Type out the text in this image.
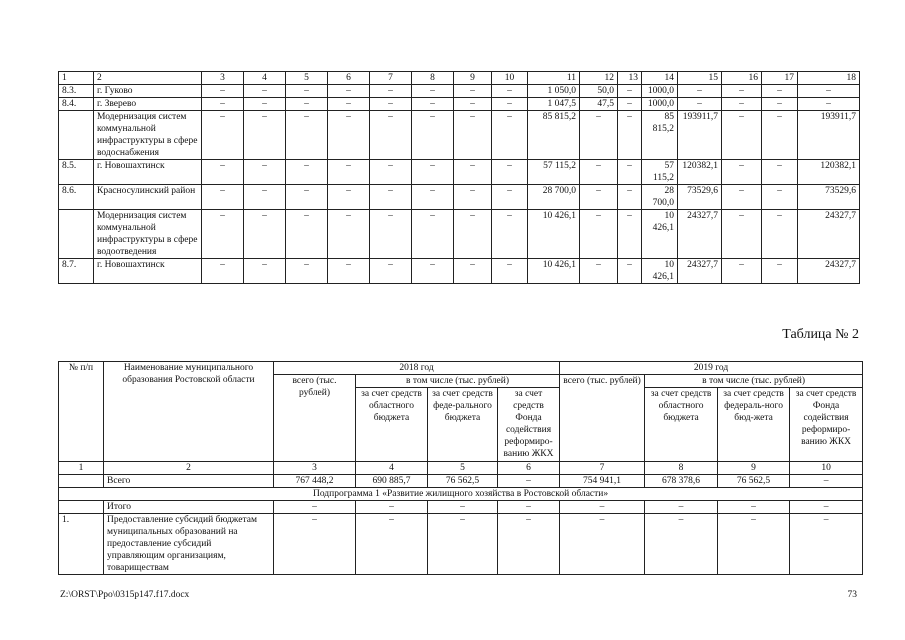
1	2	3	4	5	6	7	8	9	10	11	12	13	14	15	16	17	18
8.3.	г. Гуково	–	–	–	–	–	–	–	–	1 050,0	50,0	–	1000,0	–	–	–	–
8.4.	г. Зверево	–	–	–	–	–	–	–	–	1 047,5	47,5	–	1000,0	–	–	–	–
	Модернизация систем коммунальной инфраструктуры в сфере водоснабжения	–	–	–	–	–	–	–	–	85 815,2	–	–	85 815,2	193911,7	–	–	193911,7
8.5.	г. Новошахтинск	–	–	–	–	–	–	–	–	57 115,2	–	–	57 115,2	120382,1	–	–	120382,1
8.6.	Красносулинский район	–	–	–	–	–	–	–	–	28 700,0	–	–	28 700,0	73529,6	–	–	73529,6
	Модернизация систем коммунальной инфраструктуры в сфере водоотведения	–	–	–	–	–	–	–	–	10 426,1	–	–	10 426,1	24327,7	–	–	24327,7
8.7.	г. Новошахтинск	–	–	–	–	–	–	–	–	10 426,1	–	–	10 426,1	24327,7	–	–	24327,7
Таблица № 2
№ п/п	Наименование муниципального образования Ростовской области	2018 год				2019 год			
		всего (тыс. рублей)	в том числе (тыс. рублей)			всего (тыс. рублей)	в том числе (тыс. рублей)		
			за счет средств областного бюджета	за счет средств феде-рального бюджета	за счет средств Фонда содействия реформиро-ванию ЖКХ		за счет средств областного бюджета	за счет средств федераль-ного бюд-жета	за счет средств Фонда содействия реформиро-ванию ЖКХ
1	2	3	4	5	6	7	8	9	10
	Всего	767 448,2	690 885,7	76 562,5	–	754 941,1	678 378,6	76 562,5	–
Подпрограмма 1 «Развитие жилищного хозяйства в Ростовской области»									
	Итого	–	–	–	–	–	–	–	–
1.	Предоставление субсидий бюджетам муниципальных образований на предоставление субсидий управляющим организациям, товариществам	–	–	–	–	–	–	–	–
Z:\ORST\Ppo\0315p147.f17.docx	73
